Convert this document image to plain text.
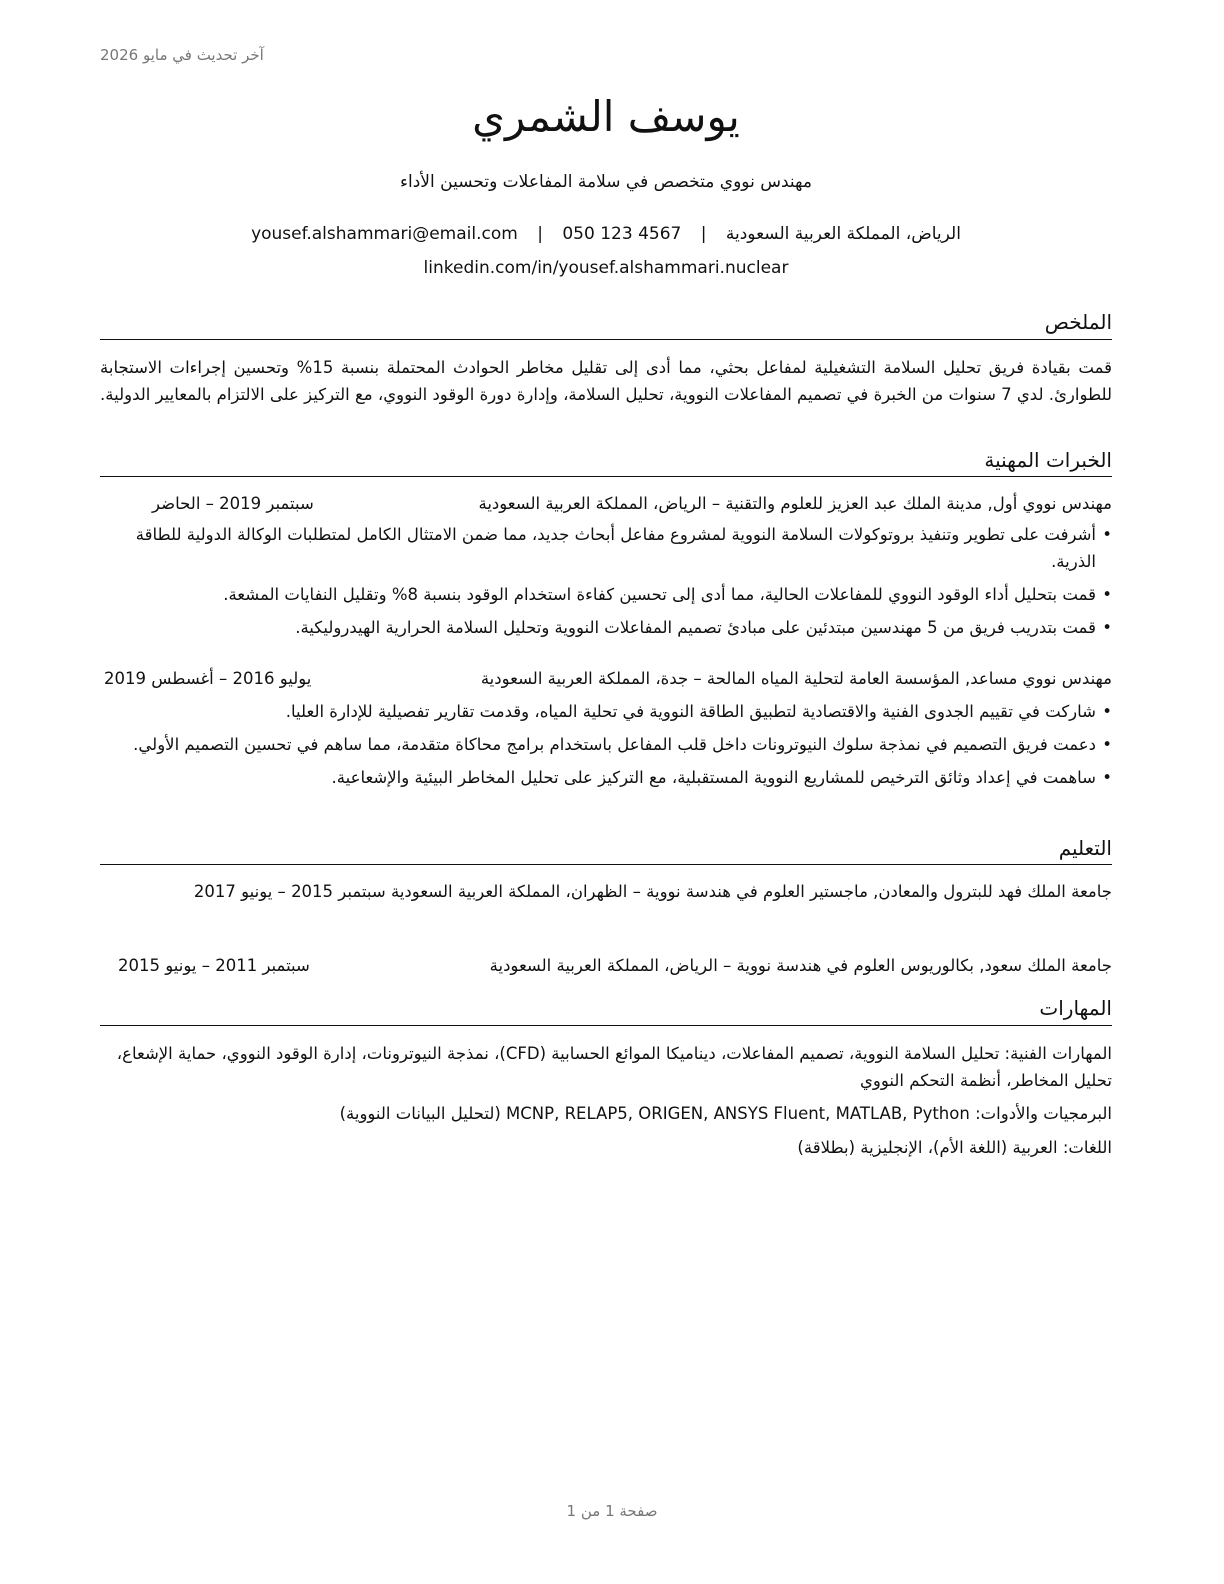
آخر تحديث في مايو 2026
يوسف الشمري
مهندس نووي متخصص في سلامة المفاعلات وتحسين الأداء
الرياض، المملكة العربية السعودية | yousef.alshammari@email.com | 050 123 4567
linkedin.com/in/yousef.alshammari.nuclear
الملخص
قمت بقيادة فريق تحليل السلامة التشغيلية لمفاعل بحثي، مما أدى إلى تقليل مخاطر الحوادث المحتملة بنسبة 15% وتحسين إجراءات الاستجابة للطوارئ. لدي 7 سنوات من الخبرة في تصميم المفاعلات النووية، تحليل السلامة، وإدارة دورة الوقود النووي، مع التركيز على الالتزام بالمعايير الدولية.
الخبرات المهنية
مهندس نووي أول, مدينة الملك عبد العزيز للعلوم والتقنية – الرياض، المملكة العربية السعودية
سبتمبر 2019 – الحاضر
• أشرفت على تطوير وتنفيذ بروتوكولات السلامة النووية لمشروع مفاعل أبحاث جديد، مما ضمن الامتثال الكامل لمتطلبات الوكالة الدولية للطاقة الذرية.
• قمت بتحليل أداء الوقود النووي للمفاعلات الحالية، مما أدى إلى تحسين كفاءة استخدام الوقود بنسبة 8% وتقليل النفايات المشعة.
• قمت بتدريب فريق من 5 مهندسين مبتدئين على مبادئ تصميم المفاعلات النووية وتحليل السلامة الحرارية الهيدروليكية.
مهندس نووي مساعد, المؤسسة العامة لتحلية المياه المالحة – جدة، المملكة العربية السعودية
يوليو 2016 – أغسطس 2019
• شاركت في تقييم الجدوى الفنية والاقتصادية لتطبيق الطاقة النووية في تحلية المياه، وقدمت تقارير تفصيلية للإدارة العليا.
• دعمت فريق التصميم في نمذجة سلوك النيوترونات داخل قلب المفاعل باستخدام برامج محاكاة متقدمة، مما ساهم في تحسين التصميم الأولي.
• ساهمت في إعداد وثائق الترخيص للمشاريع النووية المستقبلية، مع التركيز على تحليل المخاطر البيئية والإشعاعية.
التعليم
جامعة الملك فهد للبترول والمعادن, ماجستير العلوم في هندسة نووية – الظهران، المملكة العربية السعودية سبتمبر 2015 – يونيو 2017
جامعة الملك سعود, بكالوريوس العلوم في هندسة نووية – الرياض، المملكة العربية السعودية
سبتمبر 2011 – يونيو 2015
المهارات
المهارات الفنية: تحليل السلامة النووية، تصميم المفاعلات، ديناميكا الموائع الحسابية (CFD)، نمذجة النيوترونات، إدارة الوقود النووي، حماية الإشعاع، تحليل المخاطر، أنظمة التحكم النووي
البرمجيات والأدوات: MCNP, RELAP5, ORIGEN, ANSYS Fluent, MATLAB, Python (لتحليل البيانات النووية)
اللغات: العربية (اللغة الأم)، الإنجليزية (بطلاقة)
صفحة 1 من 1
